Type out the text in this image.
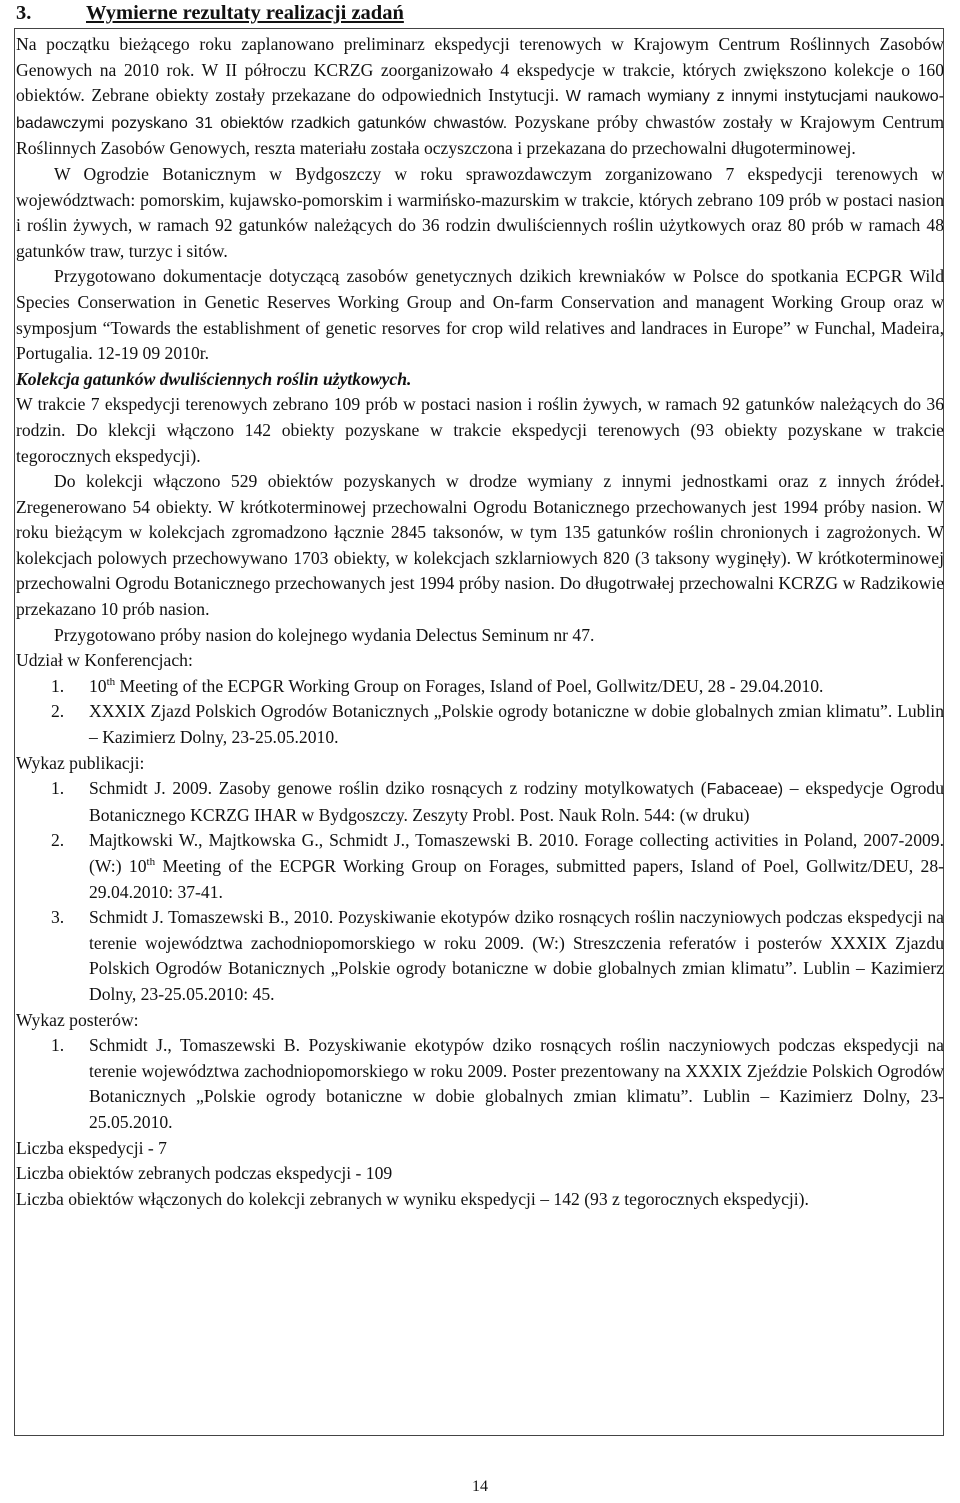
3.	Wymierne rezultaty realizacji zadań

Na początku bieżącego roku zaplanowano preliminarz ekspedycji terenowych w Krajowym Centrum Roślinnych Zasobów Genowych na 2010 rok. W II półroczu KCRZG zoorganizowało 4 ekspedycje w trakcie, których zwiększono kolekcje o 160 obiektów. Zebrane obiekty zostały przekazane do odpowiednich Instytucji. W ramach wymiany z innymi instytucjami naukowo-badawczymi pozyskano 31 obiektów rzadkich gatunków chwastów. Pozyskane próby chwastów zostały w Krajowym Centrum Roślinnych Zasobów Genowych, reszta materiału została oczyszczona i przekazana do przechowalni długoterminowej.

W Ogrodzie Botanicznym w Bydgoszczy w roku sprawozdawczym zorganizowano 7 ekspedycji terenowych w województwach: pomorskim, kujawsko-pomorskim i warmińsko-mazurskim w trakcie, których zebrano 109 prób w postaci nasion i roślin żywych, w ramach 92 gatunków należących do 36 rodzin dwuliściennych roślin użytkowych oraz 80 prób w ramach 48 gatunków traw, turzyc i sitów.

Przygotowano dokumentacje dotyczącą zasobów genetycznych dzikich krewniaków w Polsce do spotkania ECPGR Wild Species Conserwation in Genetic Reserves Working Group and On-farm Conservation and managent Working Group oraz w symposjum “Towards the establishment of genetic resorves for crop wild relatives and landraces in Europe” w Funchal, Madeira, Portugalia. 12-19 09 2010r.

Kolekcja gatunków dwuliściennych roślin użytkowych.

W trakcie 7 ekspedycji terenowych zebrano 109 prób w postaci nasion i roślin żywych, w ramach 92 gatunków należących do 36 rodzin. Do klekcji włączono 142 obiekty pozyskane w trakcie ekspedycji terenowych (93 obiekty pozyskane w trakcie tegorocznych ekspedycji).

Do kolekcji włączono 529 obiektów pozyskanych w drodze wymiany z innymi jednostkami oraz z innych źródeł. Zregenerowano 54 obiekty. W krótkoterminowej przechowalni Ogrodu Botanicznego przechowanych jest 1994 próby nasion. W roku bieżącym w kolekcjach zgromadzono łącznie 2845 taksonów, w tym 135 gatunków roślin chronionych i zagrożonych. W kolekcjach polowych przechowywano 1703 obiekty, w kolekcjach szklarniowych 820 (3 taksony wyginęły). W krótkoterminowej przechowalni Ogrodu Botanicznego przechowanych jest 1994 próby nasion. Do długotrwałej przechowalni KCRZG w Radzikowie przekazano 10 prób nasion.

Przygotowano próby nasion do kolejnego wydania Delectus Seminum nr 47.

Udział w Konferencjach:

1. 10th Meeting of the ECPGR Working Group on Forages, Island of Poel, Gollwitz/DEU, 28 - 29.04.2010.
2. XXXIX Zjazd Polskich Ogrodów Botanicznych „Polskie ogrody botaniczne w dobie globalnych zmian klimatu”. Lublin – Kazimierz Dolny, 23-25.05.2010.

Wykaz publikacji:

1. Schmidt J. 2009. Zasoby genowe roślin dziko rosnących z rodziny motylkowatych (Fabaceae) – ekspedycje Ogrodu Botanicznego KCRZG IHAR w Bydgoszczy. Zeszyty Probl. Post. Nauk Roln. 544: (w druku)
2. Majtkowski W., Majtkowska G., Schmidt J., Tomaszewski B. 2010. Forage collecting activities in Poland, 2007-2009. (W:) 10th Meeting of the ECPGR Working Group on Forages, submitted papers, Island of Poel, Gollwitz/DEU, 28-29.04.2010: 37-41.
3. Schmidt J. Tomaszewski B., 2010. Pozyskiwanie ekotypów dziko rosnących roślin naczyniowych podczas ekspedycji na terenie województwa zachodniopomorskiego w roku 2009. (W:) Streszczenia referatów i posterów XXXIX Zjazdu Polskich Ogrodów Botanicznych „Polskie ogrody botaniczne w dobie globalnych zmian klimatu”. Lublin – Kazimierz Dolny, 23-25.05.2010: 45.

Wykaz posterów:

1. Schmidt J., Tomaszewski B. Pozyskiwanie ekotypów dziko rosnących roślin naczyniowych podczas ekspedycji na terenie województwa zachodniopomorskiego w roku 2009. Poster prezentowany na XXXIX Zjeździe Polskich Ogrodów Botanicznych „Polskie ogrody botaniczne w dobie globalnych zmian klimatu”. Lublin – Kazimierz Dolny, 23-25.05.2010.

Liczba ekspedycji - 7

Liczba obiektów zebranych podczas ekspedycji - 109

Liczba obiektów włączonych do kolekcji zebranych w wyniku ekspedycji – 142 (93 z tegorocznych ekspedycji).

14
